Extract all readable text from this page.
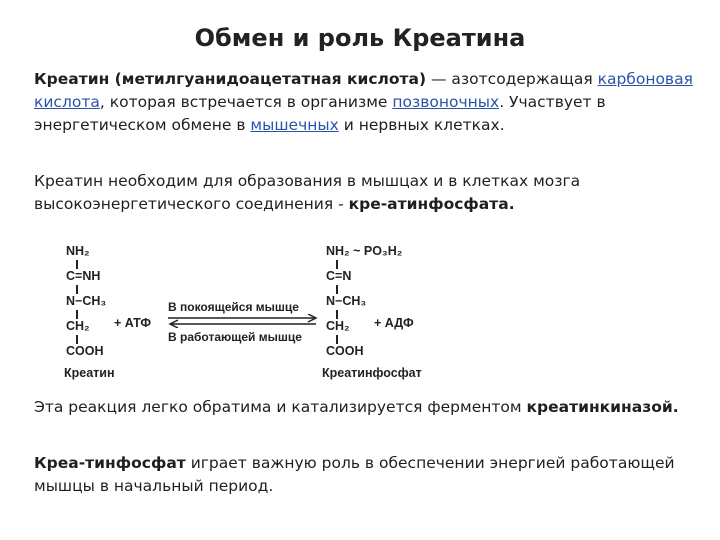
Обмен и роль Креатина
Креатин (метилгуанидоацетатная кислота) — азотсодержащая карбоновая кислота, которая встречается в организме позвоночных. Участвует в энергетическом обмене в мышечных и нервных клетках.
Креатин необходим для образования в мышцах и в клетках мозга высокоэнергетического соединения - кре-атинфосфата.
NH₂
C=NH
N−CH₃
CH₂
COOH
Креатин
+ АТФ
В покоящейся мышце
В работающей мышце
NH₂ ~ PO₃H₂
C=N
N−CH₃
CH₂
COOH
Креатинфосфат
+ АДФ
Эта реакция легко обратима и катализируется ферментом креатинкиназой.
Креа-тинфосфат играет важную роль в обеспечении энергией работающей мышцы в начальный период.
